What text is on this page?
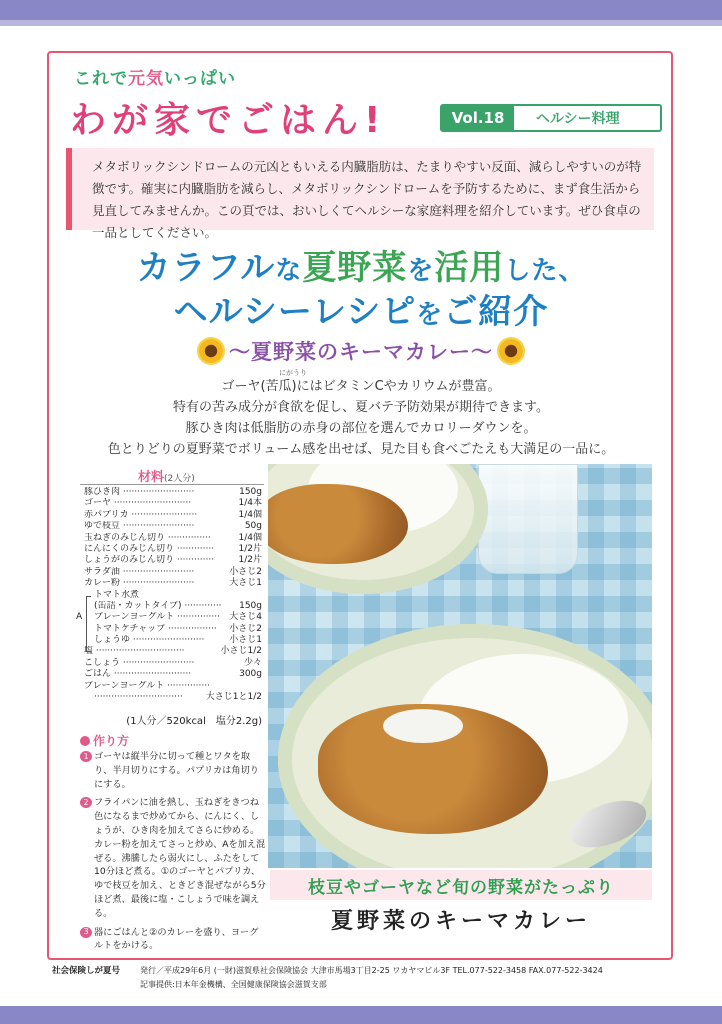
これで元気いっぱい
わが家でごはん!	Vol.18	ヘルシー料理
メタボリックシンドロームの元凶ともいえる内臓脂肪は、たまりやすい反面、減らしやすいのが特徴です。確実に内臓脂肪を減らし、メタボリックシンドロームを予防するために、まず食生活から見直してみませんか。この頁では、おいしくてヘルシーな家庭料理を紹介しています。ぜひ食卓の一品としてください。
カラフルな夏野菜を活用した、
ヘルシーレシピをご紹介
〜夏野菜のキーマカレー〜
にがうり
ゴーヤ(苦瓜)にはビタミンCやカリウムが豊富。
特有の苦み成分が食欲を促し、夏バテ予防効果が期待できます。
豚ひき肉は低脂肪の赤身の部位を選んでカロリーダウンを。
色とりどりの夏野菜でボリューム感を出せば、見た目も食べごたえも大満足の一品に。
材料(2人分)
豚ひき肉 ·························	150g
ゴーヤ ···························	1/4本
赤パプリカ ·······················	1/4個
ゆで枝豆 ·························	50g
玉ねぎのみじん切り ···············	1/4個
にんにくのみじん切り ·············	1/2片
しょうがのみじん切り ·············	1/2片
サラダ油 ·························	小さじ2
カレー粉 ·························	大さじ1
トマト水煮
(缶詰・カットタイプ) ············· 150g
プレーンヨーグルト ··············· 大さじ4
トマトケチャップ ················· 小さじ2
しょうゆ ·························	小さじ1
塩 ·······························	小さじ1/2
こしょう ·························	少々
ごはん ···························	300g
プレーンヨーグルト ···············
·······························	大さじ1と1/2
A
(1人分／520kcal　塩分2.2g)
作り方
1 ゴーヤは縦半分に切って種とワタを取り、半月切りにする。パプリカは角切りにする。
2 フライパンに油を熱し、玉ねぎをきつね色になるまで炒めてから、にんにく、しょうが、ひき肉を加えてさらに炒める。カレー粉を加えてさっと炒め、Aを加え混ぜる。沸騰したら弱火にし、ふたをして10分ほど煮る。①のゴーヤとパプリカ、ゆで枝豆を加え、ときどき混ぜながら5分ほど煮、最後に塩・こしょうで味を調える。
3 器にごはんと②のカレーを盛り、ヨーグルトをかける。
枝豆やゴーヤなど旬の野菜がたっぷり
夏野菜のキーマカレー
社会保険しが夏号 発行／平成29年6月 (一財)滋賀県社会保険協会 大津市馬場3丁目2-25 ワカヤマビル3F TEL.077-522-3458 FAX.077-522-3424
記事提供:日本年金機構、全国健康保険協会滋賀支部
